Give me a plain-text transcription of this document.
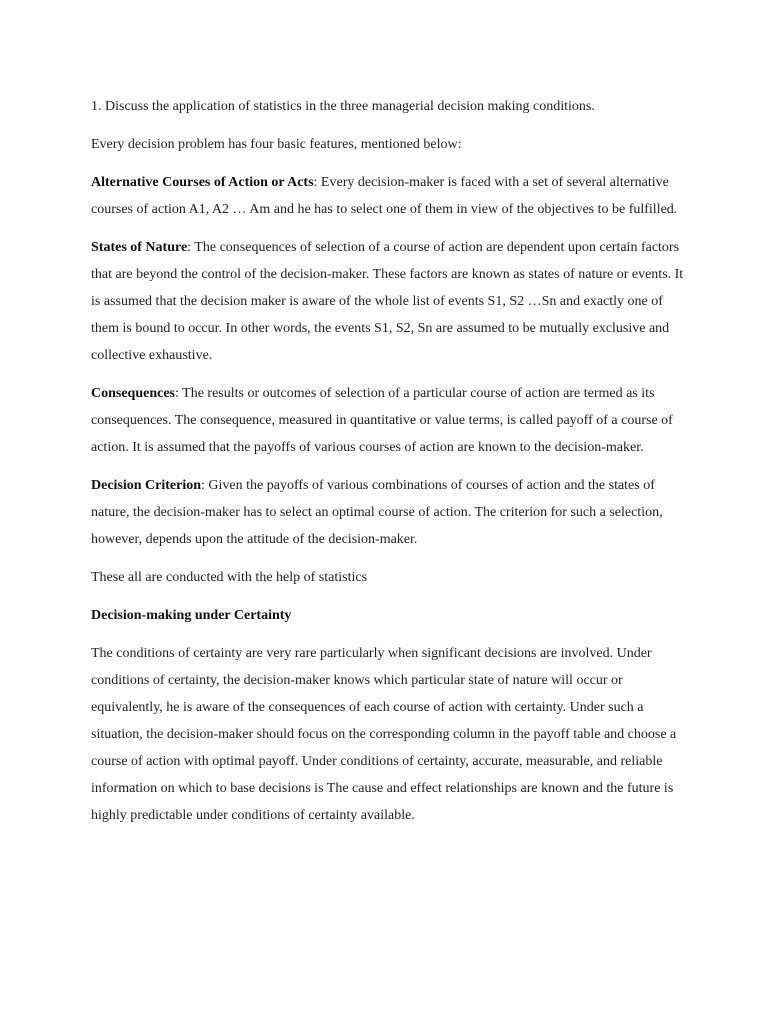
1. Discuss the application of statistics in the three managerial decision making conditions.

Every decision problem has four basic features, mentioned below:

Alternative Courses of Action or Acts: Every decision-maker is faced with a set of several alternative courses of action A1, A2 … Am and he has to select one of them in view of the objectives to be fulfilled.

States of Nature: The consequences of selection of a course of action are dependent upon certain factors that are beyond the control of the decision-maker. These factors are known as states of nature or events. It is assumed that the decision maker is aware of the whole list of events S1, S2 …Sn and exactly one of them is bound to occur. In other words, the events S1, S2, Sn are assumed to be mutually exclusive and collective exhaustive.

Consequences: The results or outcomes of selection of a particular course of action are termed as its consequences. The consequence, measured in quantitative or value terms, is called payoff of a course of action. It is assumed that the payoffs of various courses of action are known to the decision-maker.

Decision Criterion: Given the payoffs of various combinations of courses of action and the states of nature, the decision-maker has to select an optimal course of action. The criterion for such a selection, however, depends upon the attitude of the decision-maker.

These all are conducted with the help of statistics

Decision-making under Certainty

The conditions of certainty are very rare particularly when significant decisions are involved. Under conditions of certainty, the decision-maker knows which particular state of nature will occur or equivalently, he is aware of the consequences of each course of action with certainty. Under such a situation, the decision-maker should focus on the corresponding column in the payoff table and choose a course of action with optimal payoff. Under conditions of certainty, accurate, measurable, and reliable information on which to base decisions is The cause and effect relationships are known and the future is highly predictable under conditions of certainty available.
